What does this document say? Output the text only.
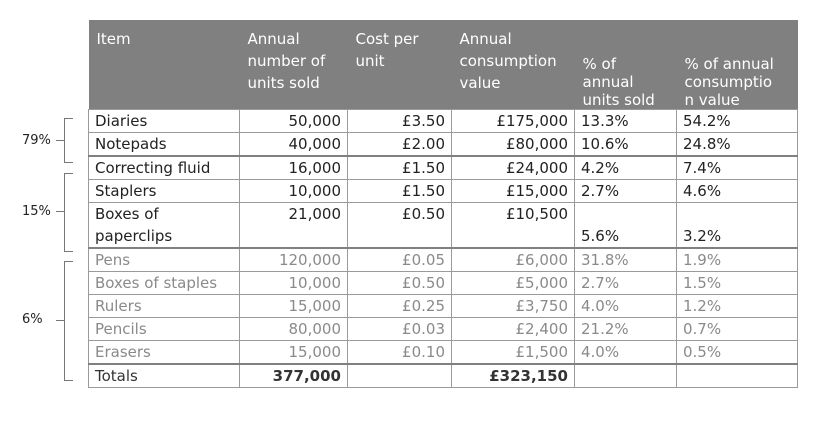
79%
15%
6%
Item	Annual
number of
units sold	Cost per
unit	Annual
consumption
value	% of
annual
units sold	% of annual
consumptio
n value

Diaries	50,000	£3.50	£175,000	13.3%	54.2%
Notepads	40,000	£2.00	£80,000	10.6%	24.8%
Correcting fluid	16,000	£1.50	£24,000	4.2%	7.4%
Staplers	10,000	£1.50	£15,000	2.7%	4.6%
Boxes of paperclips	21,000	£0.50	£10,500	5.6%	3.2%
Pens	120,000	£0.05	£6,000	31.8%	1.9%
Boxes of staples	10,000	£0.50	£5,000	2.7%	1.5%
Rulers	15,000	£0.25	£3,750	4.0%	1.2%
Pencils	80,000	£0.03	£2,400	21.2%	0.7%
Erasers	15,000	£0.10	£1,500	4.0%	0.5%
Totals	377,000		£323,150		
